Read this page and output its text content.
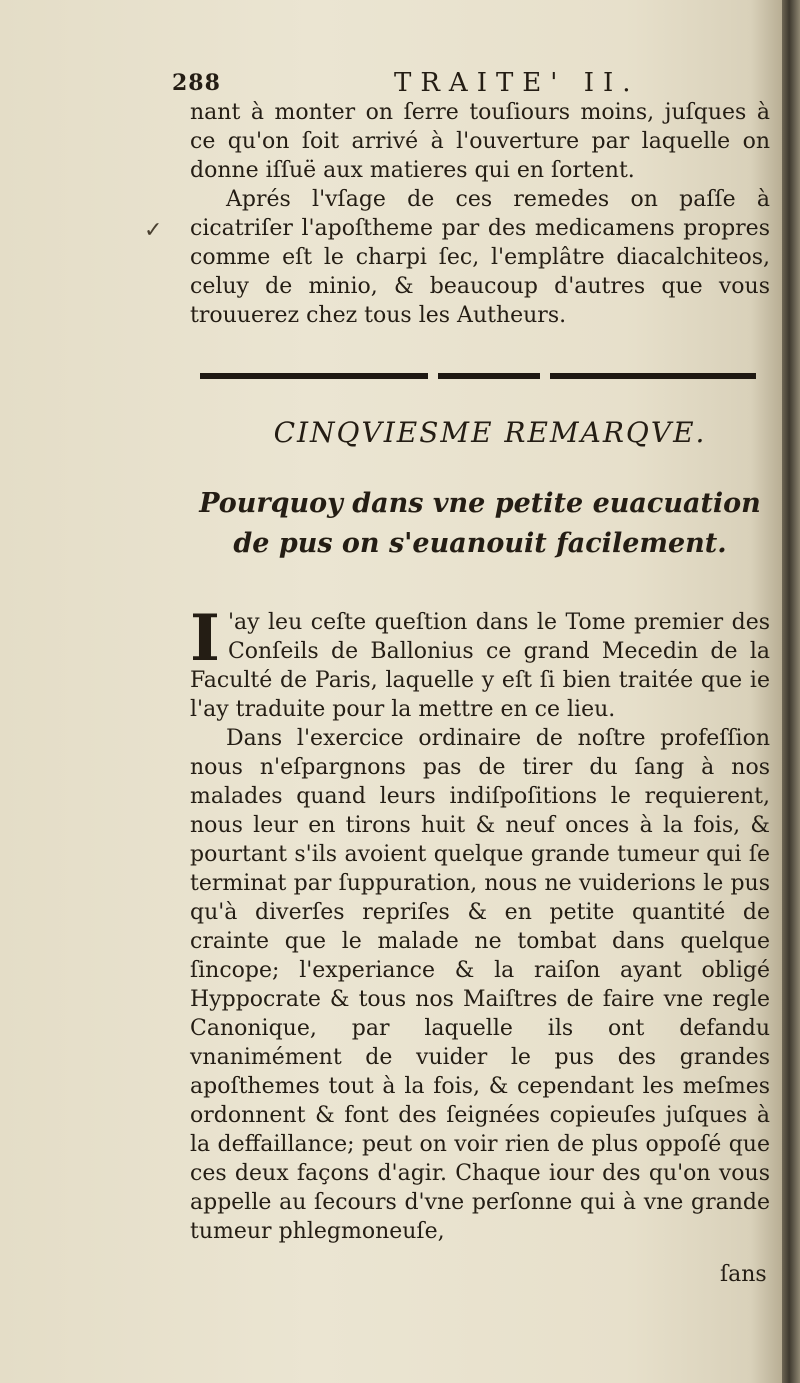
288	TRAITE' II.
✓

nant à monter on ſerre touſiours moins, juſques à ce qu'on ſoit arrivé à l'ouverture par laquelle on donne iſſuë aux matieres qui en ſortent.

Aprés l'vſage de ces remedes on paſſe à cicatriſer l'apoſtheme par des medicamens propres comme eſt le charpi ſec, l'emplâtre diacalchiteos, celuy de minio, & beaucoup d'autres que vous trouuerez chez tous les Autheurs.

CINQVIESME REMARQVE.
Pourquoy dans vne petite euacuation de pus on s'euanouit facilement.

I 'ay leu ceſte queſtion dans le Tome premier des Conſeils de Ballonius ce grand Mecedin de la Faculté de Paris, laquelle y eſt ſi bien traitée que ie l'ay traduite pour la mettre en ce lieu.

Dans l'exercice ordinaire de noſtre profeſſion nous n'eſpargnons pas de tirer du ſang à nos malades quand leurs indiſpoſitions le requierent, nous leur en tirons huit & neuf onces à la fois, & pourtant s'ils avoient quelque grande tumeur qui ſe terminat par ſuppuration, nous ne vuiderions le pus qu'à diverſes repriſes & en petite quantité de crainte que le malade ne tombat dans quelque ſincope; l'experiance & la raiſon ayant obligé Hyppocrate & tous nos Maiſtres de faire vne regle Canonique, par laquelle ils ont defandu vnanimément de vuider le pus des grandes apoſthemes tout à la fois, & cependant les meſmes ordonnent & font des ſeignées copieuſes juſques à la deffaillance; peut on voir rien de plus oppoſé que ces deux façons d'agir. Chaque iour des qu'on vous appelle au ſecours d'vne perſonne qui à vne grande tumeur phlegmoneuſe,

ſans
